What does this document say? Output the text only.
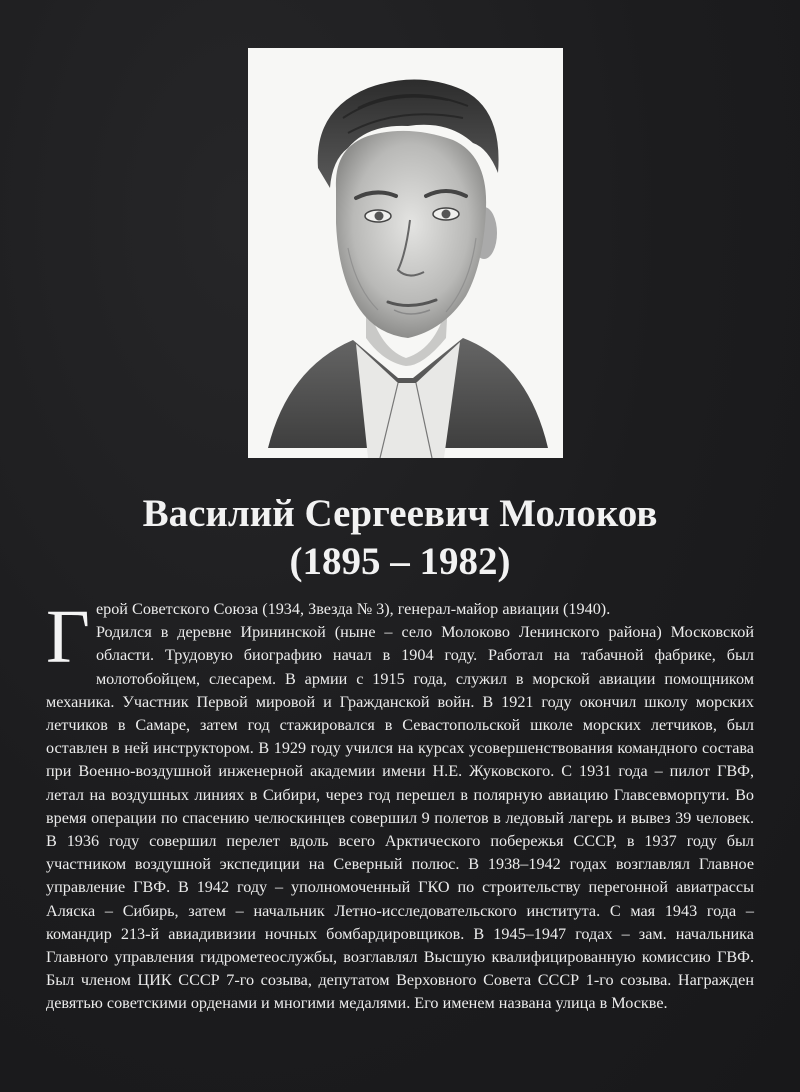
Василий Сергеевич Молоков
(1895 – 1982)
Г ерой Советского Союза (1934, Звезда № 3), генерал-майор авиации (1940).

Родился в деревне Ирининской (ныне – село Молоково Ленинского района) Московской области. Трудовую биографию начал в 1904 году. Работал на табачной фабрике, был молотобойцем, слесарем. В армии с 1915 года, служил в морской авиации помощником механика. Участник Первой мировой и Гражданской войн. В 1921 году окончил школу морских летчиков в Самаре, затем год стажировался в Севастопольской школе морских летчиков, был оставлен в ней инструктором. В 1929 году учился на курсах усовершенствования командного состава при Военно-воздушной инженерной академии имени Н.Е. Жуковского. С 1931 года – пилот ГВФ, летал на воздушных линиях в Сибири, через год перешел в полярную авиацию Главсевморпути. Во время операции по спасению челюскинцев совершил 9 полетов в ледовый лагерь и вывез 39 человек. В 1936 году совершил перелет вдоль всего Арктического побережья СССР, в 1937 году был участником воздушной экспедиции на Северный полюс. В 1938–1942 годах возглавлял Главное управление ГВФ. В 1942 году – уполномоченный ГКО по строительству перегонной авиатрассы Аляска – Сибирь, затем – начальник Летно-исследовательского института. С мая 1943 года – командир 213-й авиадивизии ночных бомбардировщиков. В 1945–1947 годах – зам. начальника Главного управления гидрометеослужбы, возглавлял Высшую квалифицированную комиссию ГВФ. Был членом ЦИК СССР 7-го созыва, депутатом Верховного Совета СССР 1-го созыва. Награжден девятью советскими орденами и многими медалями. Его именем названа улица в Москве.
